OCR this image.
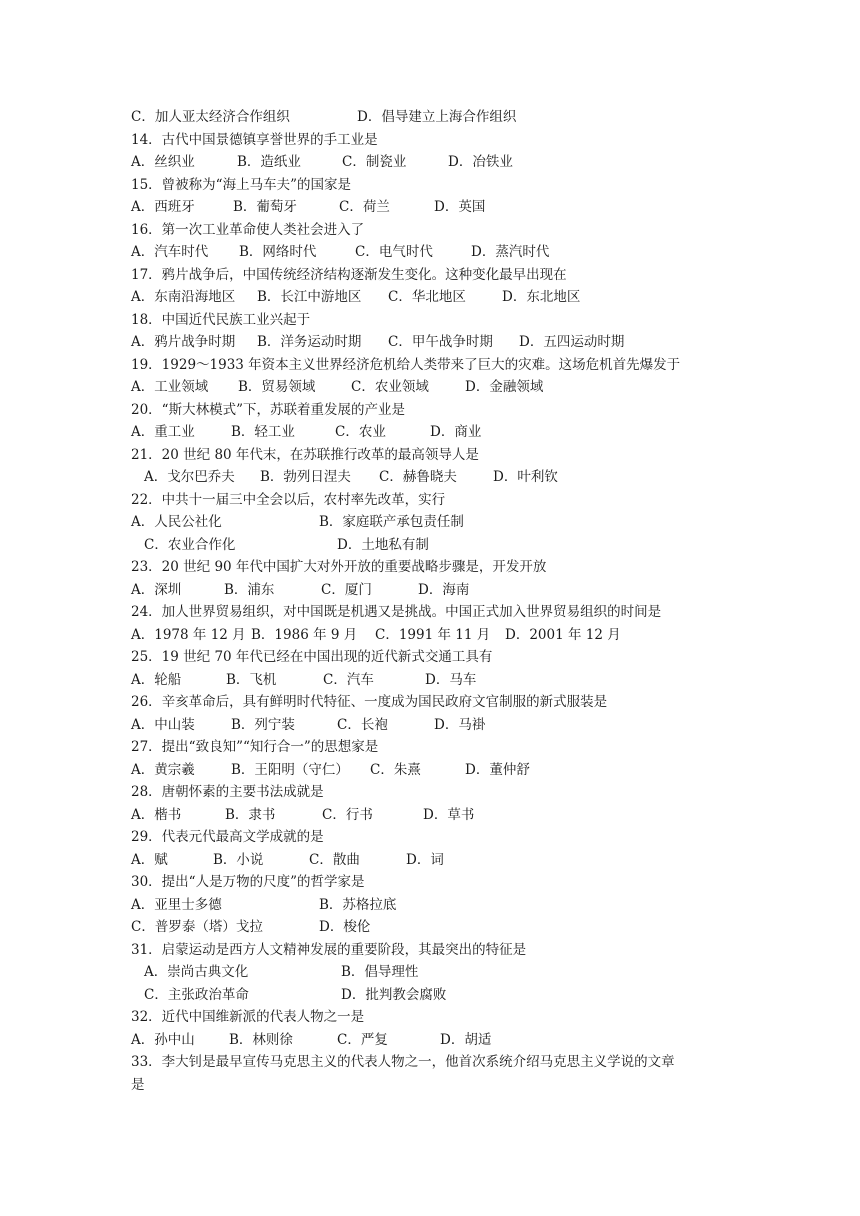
C．加人亚太经济合作组织	D．倡导建立上海合作组织
14．古代中国景德镇享誉世界的手工业是
A．丝织业	B．造纸业	C．制瓷业	D．冶铁业
15．曾被称为“海上马车夫”的国家是
A．西班牙	B．葡萄牙	C．荷兰	D．英国
16．第一次工业革命使人类社会进入了
A．汽车时代 B．网络时代	C．电气时代	D．蒸汽时代
17．鸦片战争后，中国传统经济结构逐渐发生变化。这种变化最早出现在
A．东南沿海地区 B．长江中游地区 C．华北地区	D．东北地区
18．中国近代民族工业兴起于
A．鸦片战争时期 B．洋务运动时期 C．甲午战争时期 D．五四运动时期
19．1929～1933 年资本主义世界经济危机给人类带来了巨大的灾难。这场危机首先爆发于
A．工业领域 B．贸易领域	C．农业领域	D．金融领域
20．“斯大林模式”下，苏联着重发展的产业是
A．重工业	B．轻工业	C．农业	D．商业
21．20 世纪 80 年代末，在苏联推行改革的最高领导人是
A．戈尔巴乔夫 B．勃列日涅夫 C．赫鲁晓夫	D．叶利钦
22．中共十一届三中全会以后，农村率先改革，实行
A．人民公社化	B．家庭联产承包责任制
C．农业合作化	D．土地私有制
23．20 世纪 90 年代中国扩大对外开放的重要战略步骤是，开发开放
A．深圳	B．浦东	C．厦门	D．海南
24．加人世界贸易组织，对中国既是机遇又是挑战。中国正式加入世界贸易组织的时间是
A．1978 年 12 月 B．1986 年 9 月 C．1991 年 11 月 D．2001 年 12 月
25．19 世纪 70 年代已经在中国出现的近代新式交通工具有
A．轮船	B．飞机	C．汽车	D．马车
26．辛亥革命后，具有鲜明时代特征、一度成为国民政府文官制服的新式服装是
A．中山装	B．列宁装	C．长袍	D．马褂
27．提出“致良知”“知行合一”的思想家是
A．黄宗羲	B．王阳明（守仁） C．朱熹	D．董仲舒
28．唐朝怀素的主要书法成就是
A．楷书	B．隶书	C．行书	D．草书
29．代表元代最高文学成就的是
A．赋	B．小说	C．散曲	D．词
30．提出“人是万物的尺度”的哲学家是
A．亚里士多德	B．苏格拉底
C．普罗泰（塔）戈拉	D．梭伦
31．启蒙运动是西方人文精神发展的重要阶段，其最突出的特征是
A．崇尚古典文化	B．倡导理性
C．主张政治革命	D．批判教会腐败
32．近代中国维新派的代表人物之一是
A．孙中山	B．林则徐	C．严复	D．胡适
33．李大钊是最早宣传马克思主义的代表人物之一，他首次系统介绍马克思主义学说的文章
是
